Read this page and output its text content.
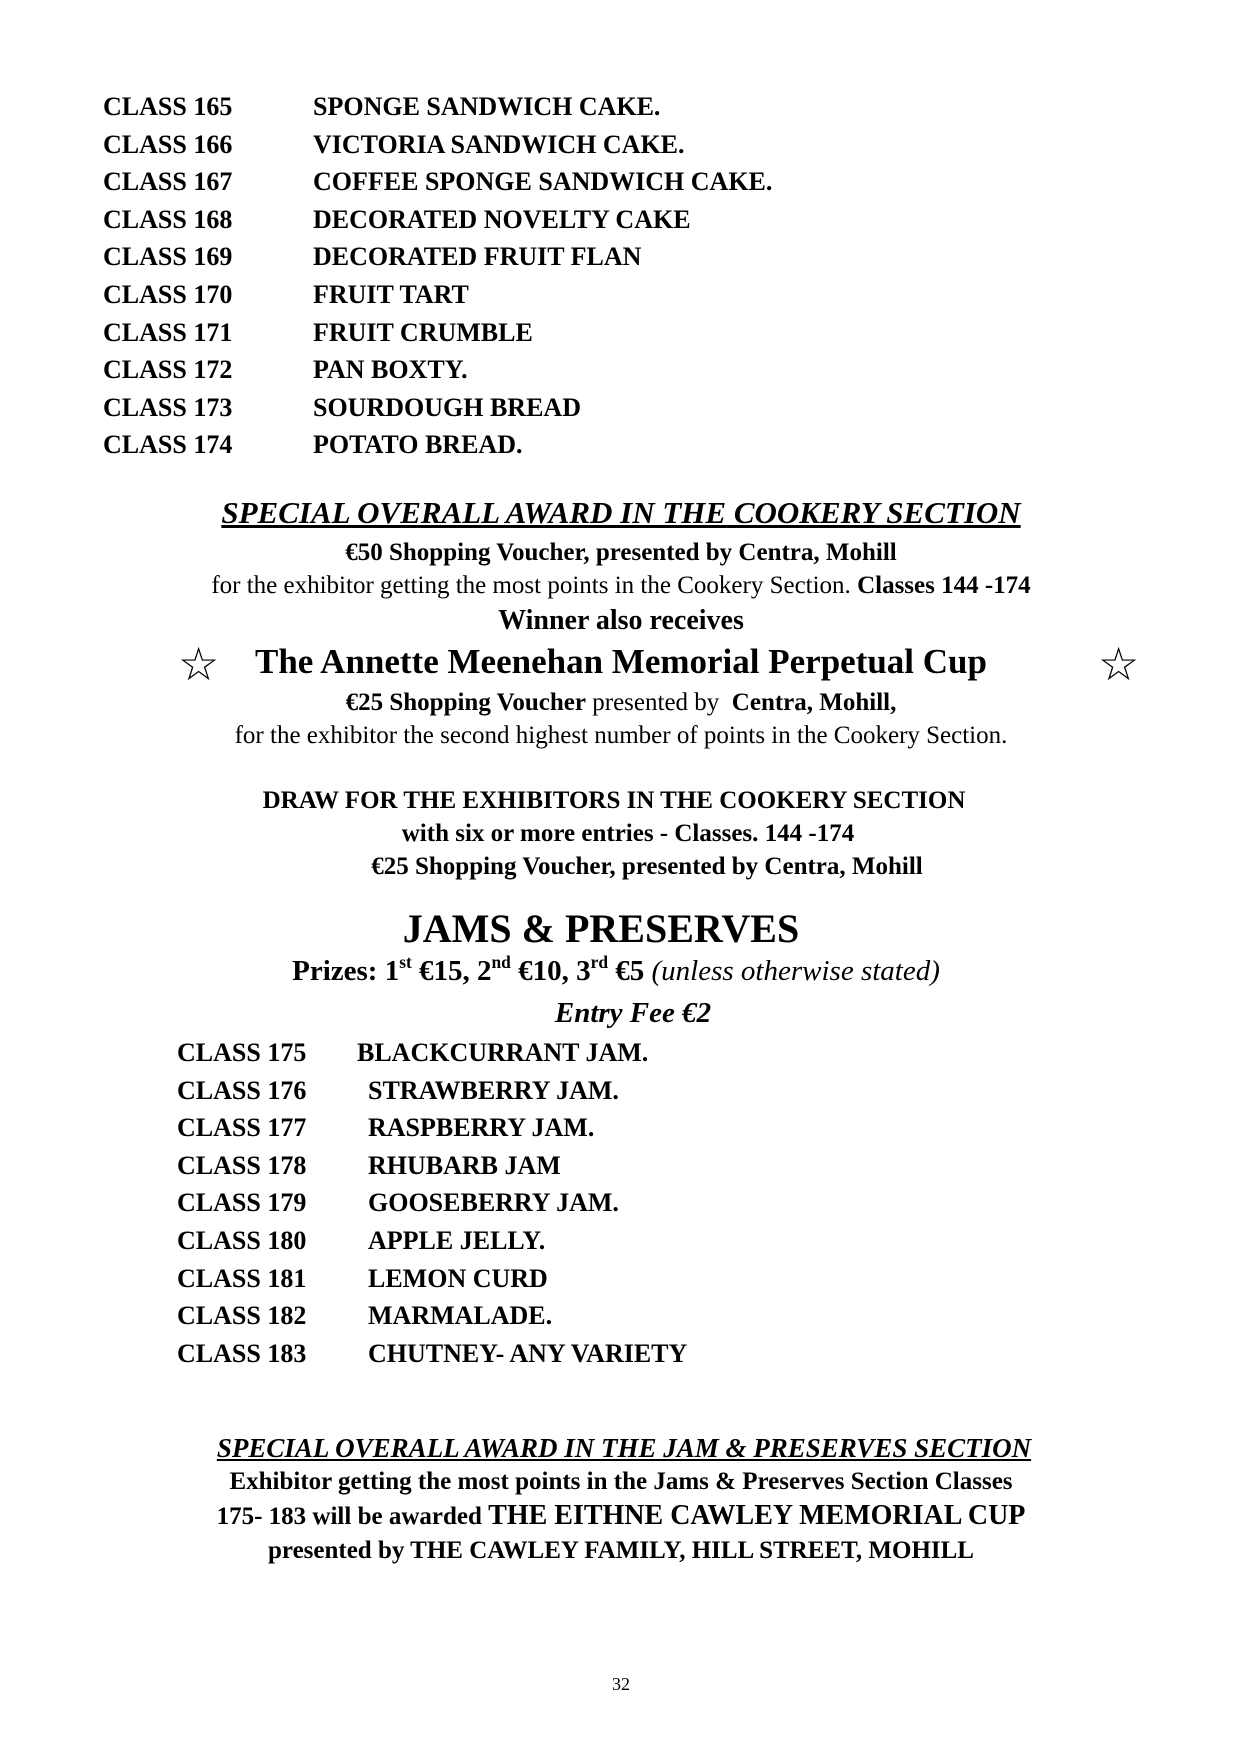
CLASS 165	SPONGE SANDWICH CAKE.
CLASS 166	VICTORIA SANDWICH CAKE.
CLASS 167	COFFEE SPONGE SANDWICH CAKE.
CLASS 168	DECORATED NOVELTY CAKE
CLASS 169	DECORATED FRUIT FLAN
CLASS 170	FRUIT TART
CLASS 171	FRUIT CRUMBLE
CLASS 172	PAN BOXTY.
CLASS 173	SOURDOUGH BREAD
CLASS 174	POTATO BREAD.
SPECIAL OVERALL AWARD IN THE COOKERY SECTION
€50 Shopping Voucher, presented by Centra, Mohill
for the exhibitor getting the most points in the Cookery Section. Classes 144 -174
Winner also receives
☆	The Annette Meenehan Memorial Perpetual Cup	☆
€25 Shopping Voucher presented by Centra, Mohill,
for the exhibitor the second highest number of points in the Cookery Section.
DRAW FOR THE EXHIBITORS IN THE COOKERY SECTION
with six or more entries - Classes. 144 -174
€25 Shopping Voucher, presented by Centra, Mohill
JAMS & PRESERVES
Prizes: 1st €15, 2nd €10, 3rd €5 (unless otherwise stated)
Entry Fee €2
CLASS 175	BLACKCURRANT JAM.
CLASS 176	STRAWBERRY JAM.
CLASS 177	RASPBERRY JAM.
CLASS 178	RHUBARB JAM
CLASS 179	GOOSEBERRY JAM.
CLASS 180	APPLE JELLY.
CLASS 181	LEMON CURD
CLASS 182	MARMALADE.
CLASS 183	CHUTNEY- ANY VARIETY
SPECIAL OVERALL AWARD IN THE JAM & PRESERVES SECTION
Exhibitor getting the most points in the Jams & Preserves Section Classes
175- 183 will be awarded THE EITHNE CAWLEY MEMORIAL CUP
presented by THE CAWLEY FAMILY, HILL STREET, MOHILL
32
